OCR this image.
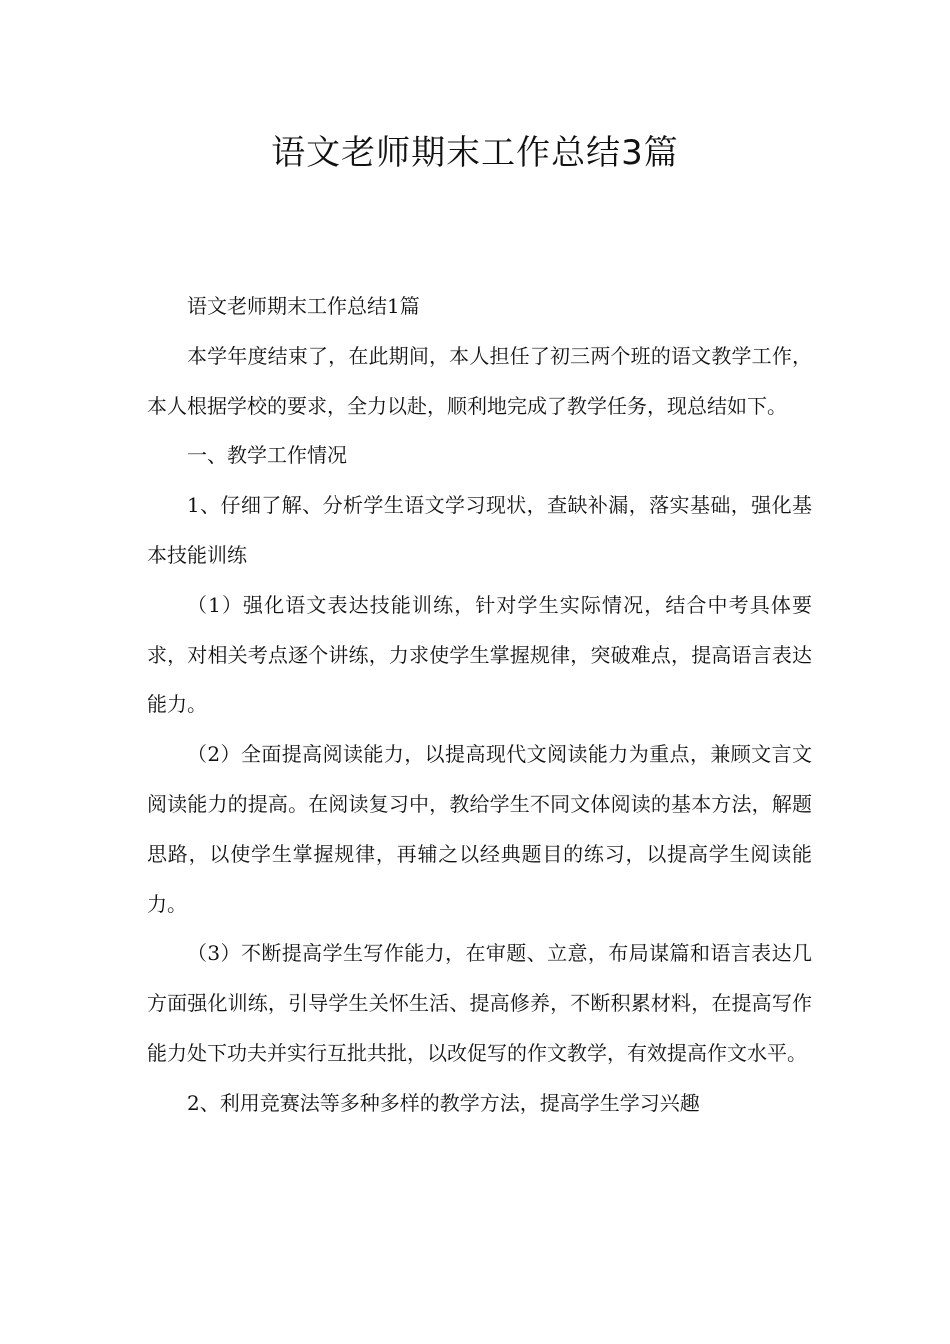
语文老师期末工作总结3篇

语文老师期末工作总结1篇

本学年度结束了，在此期间，本人担任了初三两个班的语文教学工作，本人根据学校的要求，全力以赴，顺利地完成了教学任务，现总结如下。

一、教学工作情况

1、仔细了解、分析学生语文学习现状，查缺补漏，落实基础，强化基本技能训练

（1）强化语文表达技能训练，针对学生实际情况，结合中考具体要求，对相关考点逐个讲练，力求使学生掌握规律，突破难点，提高语言表达能力。

（2）全面提高阅读能力，以提高现代文阅读能力为重点，兼顾文言文阅读能力的提高。在阅读复习中，教给学生不同文体阅读的基本方法，解题思路，以使学生掌握规律，再辅之以经典题目的练习，以提高学生阅读能力。

（3）不断提高学生写作能力，在审题、立意，布局谋篇和语言表达几方面强化训练，引导学生关怀生活、提高修养，不断积累材料，在提高写作能力处下功夫并实行互批共批，以改促写的作文教学，有效提高作文水平。

2、利用竞赛法等多种多样的教学方法，提高学生学习兴趣
